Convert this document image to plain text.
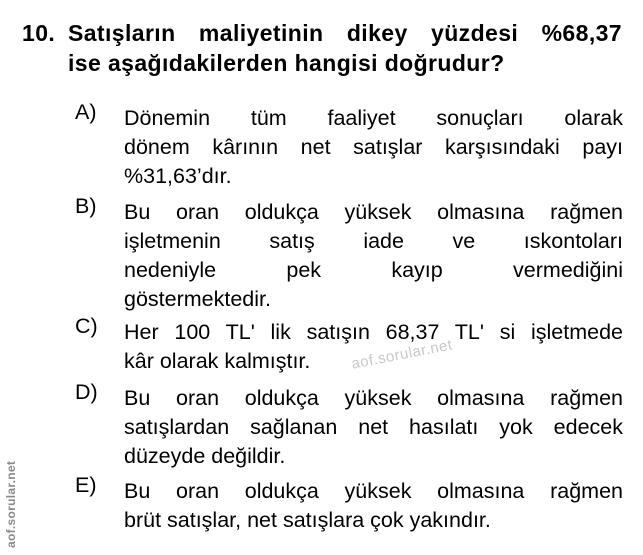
10. Satışların maliyetinin dikey yüzdesi %68,37
ise aşağıdakilerden hangisi doğrudur?
A) Dönemin tüm faaliyet sonuçları olarak
dönem kârının net satışlar karşısındaki payı
%31,63’dır.
B) Bu oran oldukça yüksek olmasına rağmen
işletmenin satış iade ve ıskontoları
nedeniyle pek kayıp vermediğini
göstermektedir.
C) Her 100 TL' lik satışın 68,37 TL' si işletmede
kâr olarak kalmıştır.
D) Bu oran oldukça yüksek olmasına rağmen
satışlardan sağlanan net hasılatı yok edecek
düzeyde değildir.
E) Bu oran oldukça yüksek olmasına rağmen
brüt satışlar, net satışlara çok yakındır.
aof.sorular.net
aof.sorular.net
